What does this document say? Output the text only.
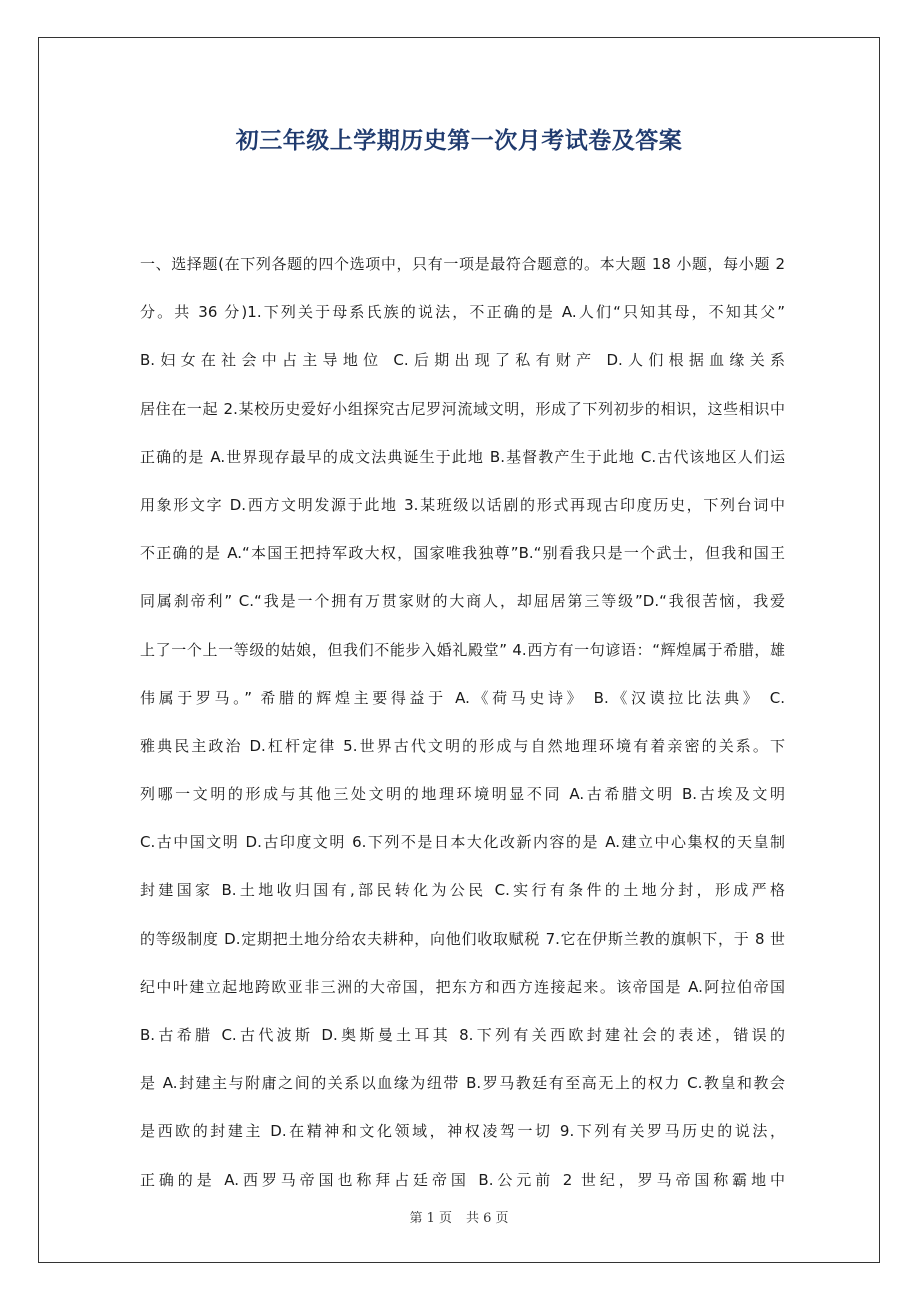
初三年级上学期历史第一次月考试卷及答案
一、选择题(在下列各题的四个选项中，只有一项是最符合题意的。本大题 18 小题，每小题 2
分。共 36 分)1.下列关于母系氏族的说法，不正确的是 A.人们“只知其母，不知其父”
B.妇女在社会中占主导地位 C.后期出现了私有财产 D.人们根据血缘关系
居住在一起 2.某校历史爱好小组探究古尼罗河流域文明，形成了下列初步的相识，这些相识中
正确的是 A.世界现存最早的成文法典诞生于此地 B.基督教产生于此地 C.古代该地区人们运
用象形文字 D.西方文明发源于此地 3.某班级以话剧的形式再现古印度历史，下列台词中
不正确的是 A.“本国王把持军政大权，国家唯我独尊”B.“别看我只是一个武士，但我和国王
同属刹帝利” C.“我是一个拥有万贯家财的大商人，却屈居第三等级”D.“我很苦恼，我爱
上了一个上一等级的姑娘，但我们不能步入婚礼殿堂” 4.西方有一句谚语：“辉煌属于希腊，雄
伟属于罗马。” 希腊的辉煌主要得益于 A.《荷马史诗》 B.《汉谟拉比法典》 C.
雅典民主政治 D.杠杆定律 5.世界古代文明的形成与自然地理环境有着亲密的关系。下
列哪一文明的形成与其他三处文明的地理环境明显不同 A.古希腊文明 B.古埃及文明
C.古中国文明 D.古印度文明 6.下列不是日本大化改新内容的是 A.建立中心集权的天皇制
封建国家 B.土地收归国有,部民转化为公民 C.实行有条件的土地分封，形成严格
的等级制度 D.定期把土地分给农夫耕种，向他们收取赋税 7.它在伊斯兰教的旗帜下，于 8 世
纪中叶建立起地跨欧亚非三洲的大帝国，把东方和西方连接起来。该帝国是 A.阿拉伯帝国
B.古希腊 C.古代波斯 D.奥斯曼土耳其 8.下列有关西欧封建社会的表述，错误的
是 A.封建主与附庸之间的关系以血缘为纽带 B.罗马教廷有至高无上的权力 C.教皇和教会
是西欧的封建主 D.在精神和文化领域，神权凌驾一切 9.下列有关罗马历史的说法，
正确的是 A.西罗马帝国也称拜占廷帝国 B.公元前 2 世纪，罗马帝国称霸地中
第 1 页 共 6 页
